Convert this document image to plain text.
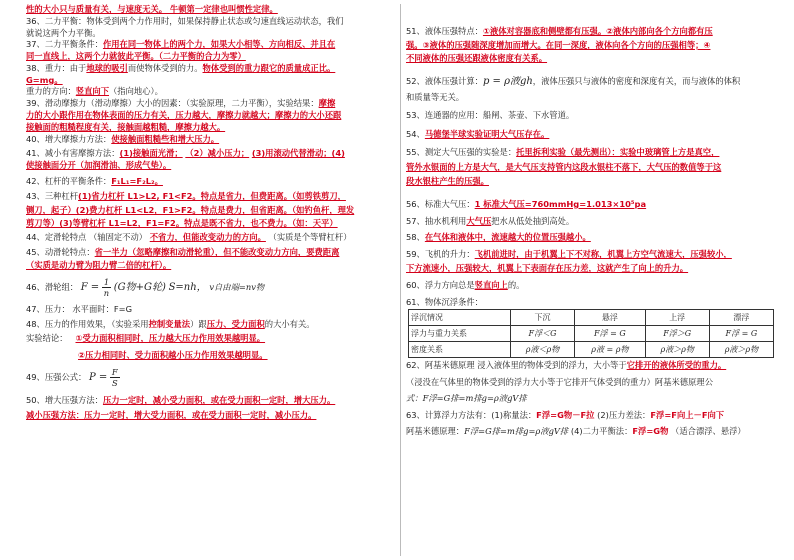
性的大小只与质量有关，与速度无关。 牛顿第一定律也叫惯性定律。
36、二力平衡：物体受到两个力作用时，如果保持静止状态或匀速直线运动状态，我们
就说这两个力平衡。
37、二力平衡条件：作用在同一物体上的两个力，如果大小相等、方向相反、并且在
同一直线上，这两个力就彼此平衡。（二力平衡的合力为零）
38、重力：由于地球的吸引而使物体受到的力。物体受到的重力跟它的质量成正比。
G=mg。
重力的方向：竖直向下（指向地心）。
39、滑动摩擦力（滑动摩擦）大小的因素：（实验原理，二力平衡），实验结果：摩擦
力的大小跟作用在物体表面的压力有关，压力越大，摩擦力就越大；摩擦力的大小还跟
接触面的粗糙程度有关，接触面越粗糙，摩擦力越大。
40、增大摩擦力方法：使接触面粗糙些和增大压力。
41、减小有害摩擦方法：(1)接触面光滑； （2）减小压力； (3)用滚动代替滑动；(4)
使接触面分开（加润滑油、形成气垫）。
42、杠杆的平衡条件：F₁L₁=F₂L₂。
43、三种杠杆(1)省力杠杆 L1>L2, F1<F2。特点是省力，但费距离。（如剪铁剪刀，
铡刀，起子）(2)费力杠杆 L1<L2，F1>F2。特点是费力，但省距离。（如钓鱼杆，理发
剪刀等）(3)等臂杠杆 L1=L2，F1=F2。特点是既不省力，也不费力。（如：天平）
44、定滑轮特点 （轴固定不动） 不省力，但能改变动力的方向。 （实质是个等臂杠杆）
45、动滑轮特点：省一半力（忽略摩擦和动滑轮重），但不能改变动力方向，要费距离
（实质是动力臂为阻力臂二倍的杠杆）。
46、滑轮组： $F = \frac{1}{n} (G$物+G轮) S=nh， v自由端=nv物
47、压力： 水平面时：F=G
48、压力的作用效果，（实验采用控制变量法）跟压力、受力面积的大小有关。
实验结论： ①受力面积相同时，压力越大压力作用效果越明显。
②压力相同时、受力面积越小压力作用效果越明显。
49、压强公式： $P = \frac{F}{S}$
50、增大压强方法：压力一定时，减小受力面积，或在受力面积一定时，增大压力。
减小压强方法：压力一定时，增大受力面积，或在受力面积一定时，减小压力。
51、液体压强特点：①液体对容器底和侧壁都有压强。②液体内部向各个方向都有压
强。③液体的压强随深度增加而增大。在同一深度，液体向各个方向的压强相等；④
不同液体的压强还跟液体密度有关系。
52、液体压强计算：p = ρ液gh，液体压强只与液体的密度和深度有关，而与液体的体积
和质量等无关。
53、连通器的应用：船闸、茶壶、下水管道。
54、马德堡半球实验证明大气压存在。
55、测定大气压强的实验是：托里拆利实验（最先测出）：实验中玻璃管上方是真空，
管外水银面的上方是大气，是大气压支持管内这段水银柱不落下，大气压的数值等于这
段水银柱产生的压强。
56、标准大气压：1 标准大气压=760mmHg=1.013×10⁵pa
57、抽水机利用大气压把水从低处抽到高处。
58、在气体和液体中，流速越大的位置压强越小。
59、飞机的升力：飞机前进时，由于机翼上下不对称，机翼上方空气流速大，压强较小，
下方流速小，压强较大，机翼上下表面存在压力差，这就产生了向上的升力。
60、浮力方向总是竖直向上的。
61、物体沉浮条件：
浮沉情况	下沉	悬浮	上浮	漂浮
浮力与重力关系	F浮＜G	F浮 = G	F浮＞G	F浮 = G
密度关系	ρ液＜ρ物	ρ液 = ρ物	ρ液＞ρ物	ρ液＞ρ物
62、阿基米德原理 浸入液体里的物体受到的浮力，大小等于它排开的液体所受的重力。
（浸没在气体里的物体受到的浮力大小等于它排开气体受到的重力）阿基米德原理公
式：F浮=G排=m排g=ρ液gV排
63、计算浮力方法有：(1)称量法：F浮=G物－F拉 (2)压力差法：F浮=F向上－F向下
阿基米德原理：F浮=G排=m排g=ρ液gV排 (4)二力平衡法：F浮=G物 （适合漂浮、悬浮）
